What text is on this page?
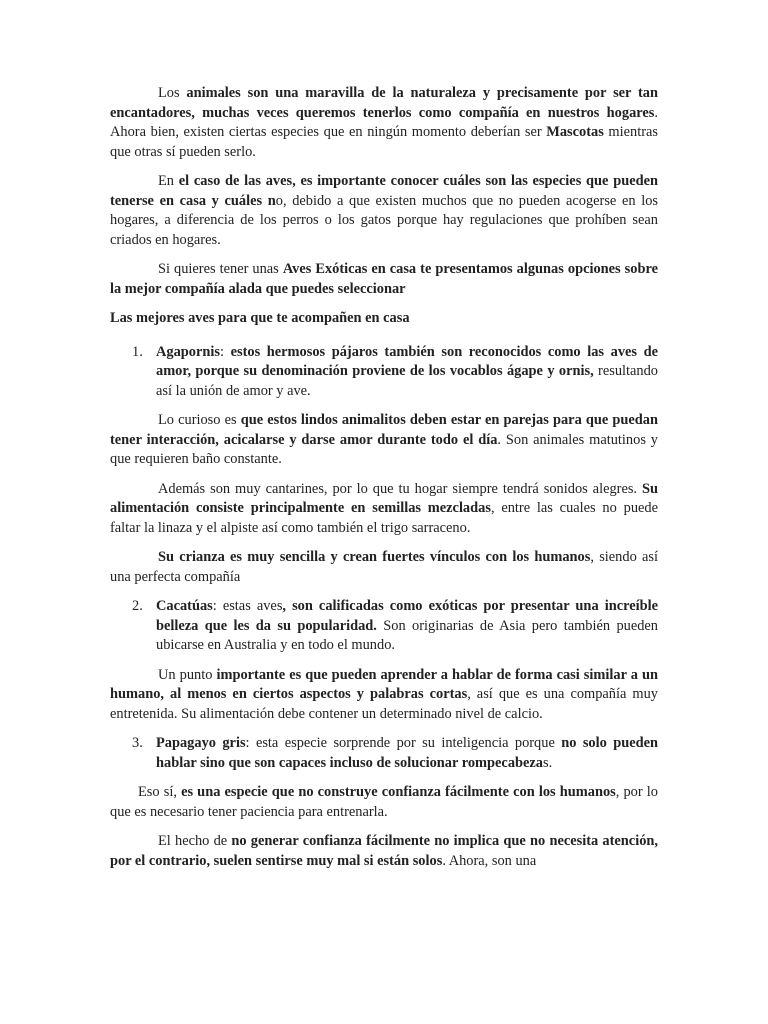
Los animales son una maravilla de la naturaleza y precisamente por ser tan encantadores, muchas veces queremos tenerlos como compañía en nuestros hogares. Ahora bien, existen ciertas especies que en ningún momento deberían ser Mascotas mientras que otras sí pueden serlo.

En el caso de las aves, es importante conocer cuáles son las especies que pueden tenerse en casa y cuáles no, debido a que existen muchos que no pueden acogerse en los hogares, a diferencia de los perros o los gatos porque hay regulaciones que prohíben sean criados en hogares.

Si quieres tener unas Aves Exóticas en casa te presentamos algunas opciones sobre la mejor compañía alada que puedes seleccionar

Las mejores aves para que te acompañen en casa

1. Agapornis: estos hermosos pájaros también son reconocidos como las aves de amor, porque su denominación proviene de los vocablos ágape y ornis, resultando así la unión de amor y ave.

Lo curioso es que estos lindos animalitos deben estar en parejas para que puedan tener interacción, acicalarse y darse amor durante todo el día. Son animales matutinos y que requieren baño constante.

Además son muy cantarines, por lo que tu hogar siempre tendrá sonidos alegres. Su alimentación consiste principalmente en semillas mezcladas, entre las cuales no puede faltar la linaza y el alpiste así como también el trigo sarraceno.

Su crianza es muy sencilla y crean fuertes vínculos con los humanos, siendo así una perfecta compañía

2. Cacatúas: estas aves, son calificadas como exóticas por presentar una increíble belleza que les da su popularidad. Son originarias de Asia pero también pueden ubicarse en Australia y en todo el mundo.

Un punto importante es que pueden aprender a hablar de forma casi similar a un humano, al menos en ciertos aspectos y palabras cortas, así que es una compañía muy entretenida. Su alimentación debe contener un determinado nivel de calcio.

3. Papagayo gris: esta especie sorprende por su inteligencia porque no solo pueden hablar sino que son capaces incluso de solucionar rompecabezas.

Eso sí, es una especie que no construye confianza fácilmente con los humanos, por lo que es necesario tener paciencia para entrenarla.

El hecho de no generar confianza fácilmente no implica que no necesita atención, por el contrario, suelen sentirse muy mal si están solos. Ahora, son una
